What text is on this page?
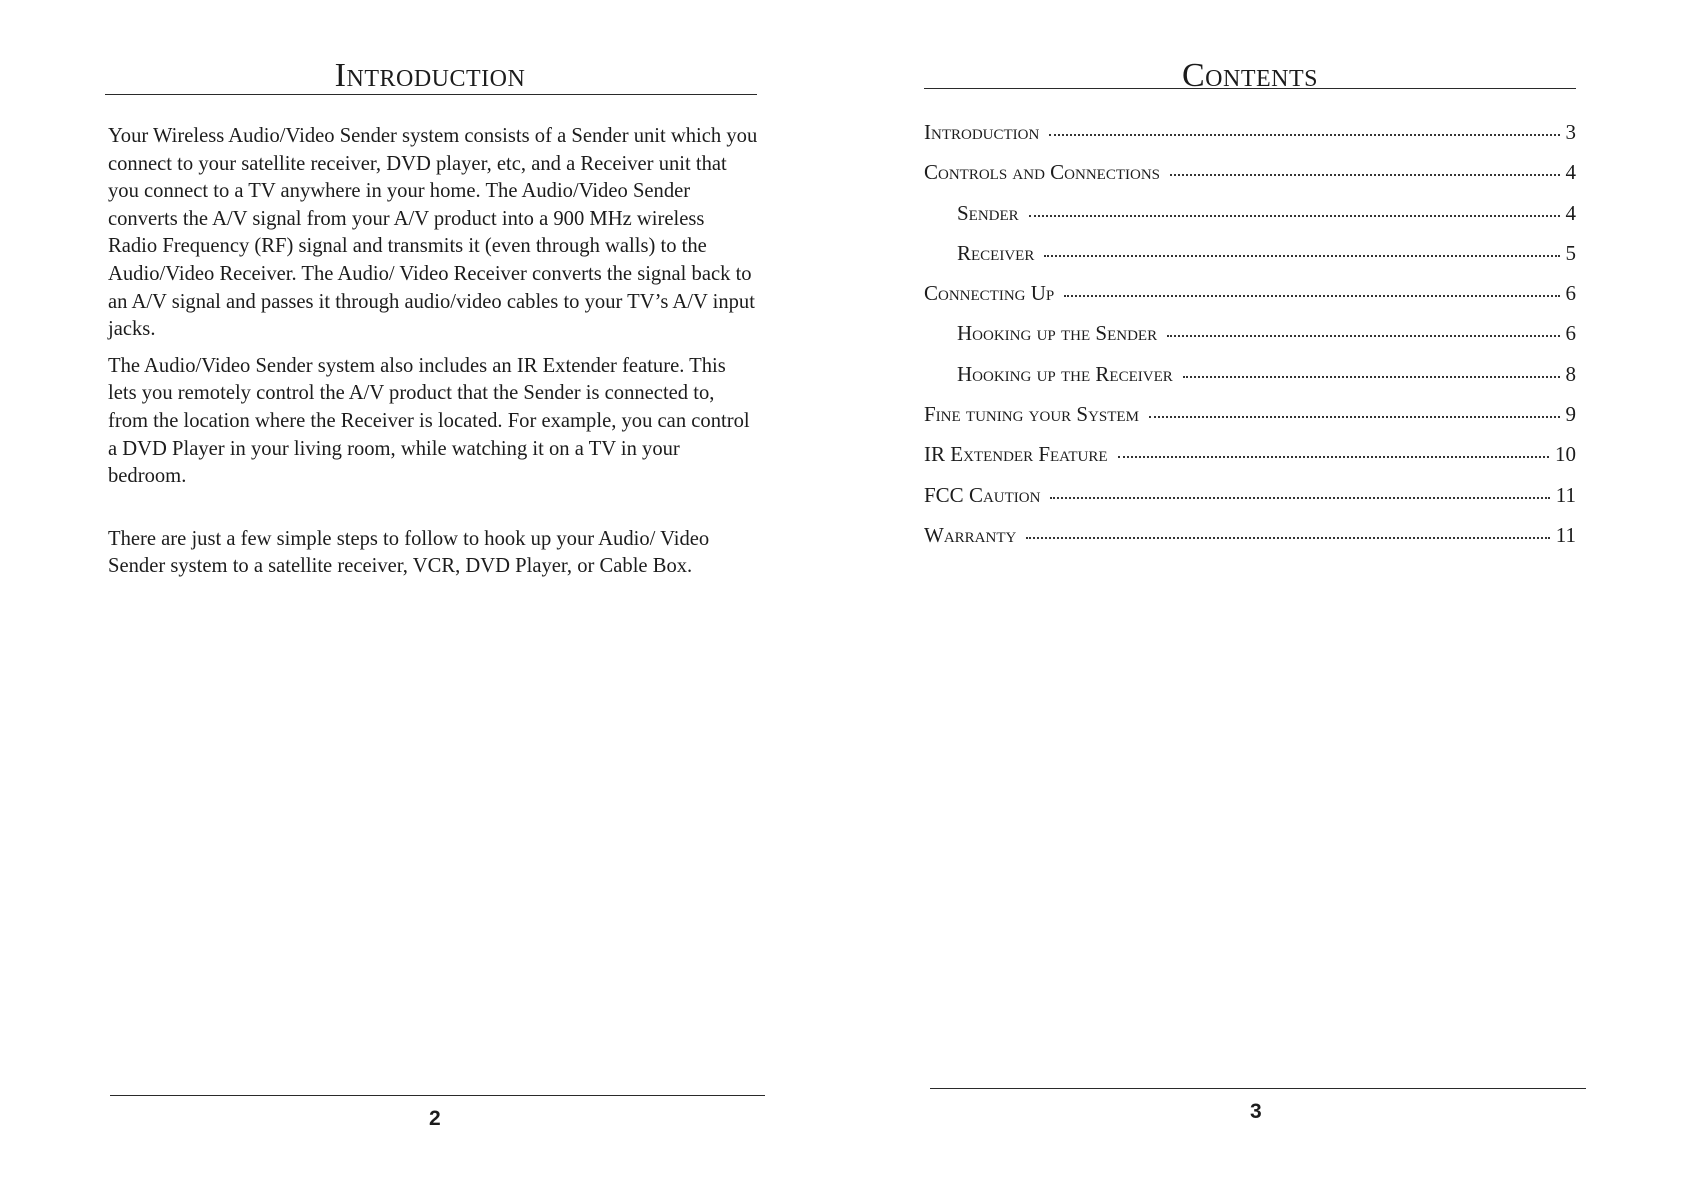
Introduction

Your Wireless Audio/Video Sender system consists of a Sender unit which you connect to your satellite receiver, DVD player, etc, and a Receiver unit that you connect to a TV anywhere in your home. The Audio/Video Sender converts the A/V signal from your A/V product into a 900 MHz wireless Radio Frequency (RF) signal and transmits it (even through walls) to the Audio/Video Receiver. The Audio/ Video Receiver converts the signal back to an A/V signal and passes it through audio/video cables to your TV’s A/V input jacks.

The Audio/Video Sender system also includes an IR Extender feature. This lets you remotely control the A/V product that the Sender is connected to, from the location where the Receiver is located. For example, you can control a DVD Player in your living room, while watching it on a TV in your bedroom.

There are just a few simple steps to follow to hook up your Audio/ Video Sender system to a satellite receiver, VCR, DVD Player, or Cable Box.

2
Contents
Introduction	3
Controls and Connections	4
Sender	4
Receiver	5
Connecting Up	6
Hooking up the Sender	6
Hooking up the Receiver	8
Fine tuning your System	9
IR Extender Feature	10
FCC Caution	11
Warranty	11
3
